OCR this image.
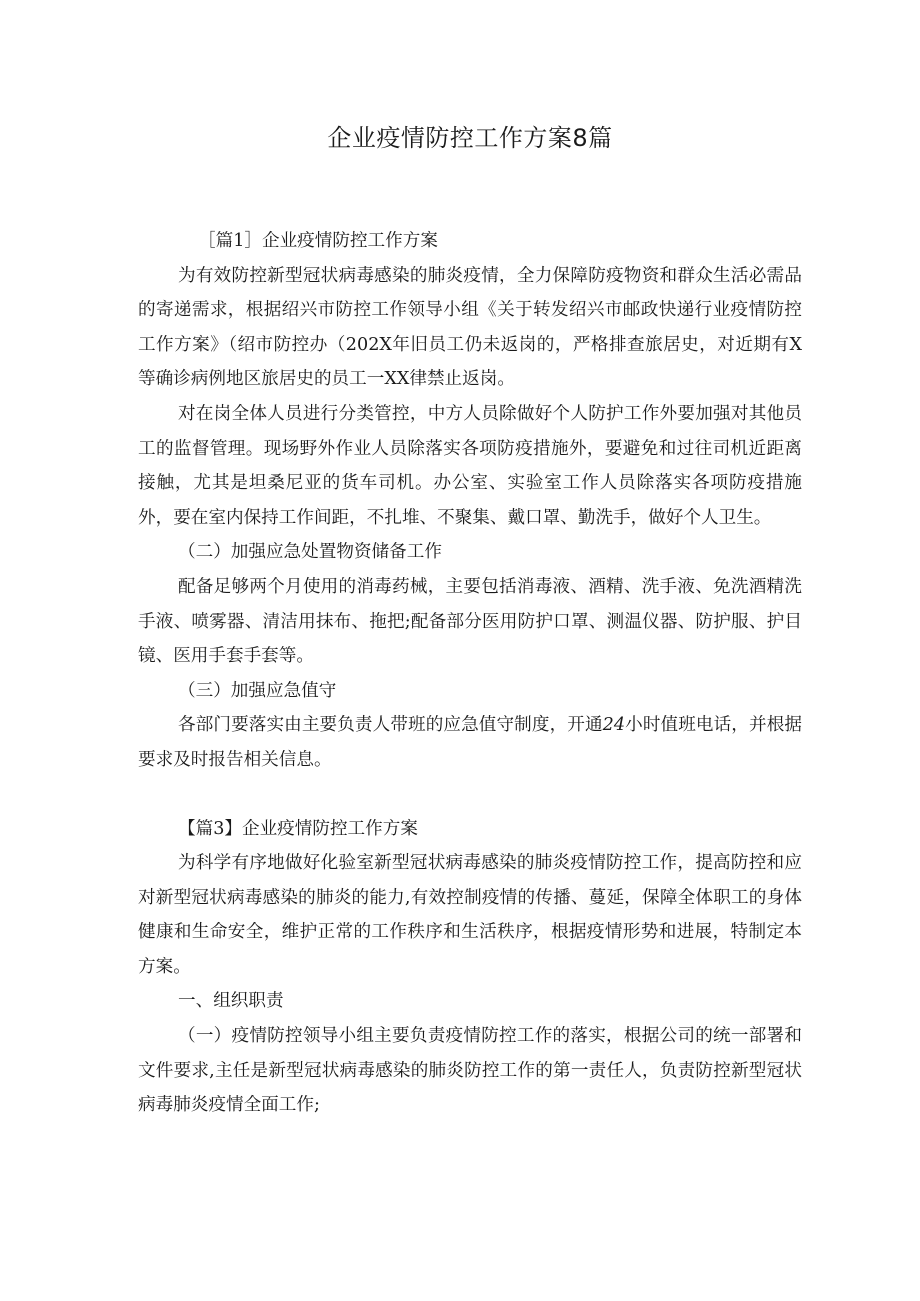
企业疫情防控工作方案8篇

［篇1］企业疫情防控工作方案

为有效防控新型冠状病毒感染的肺炎疫情，全力保障防疫物资和群众生活必需品的寄递需求，根据绍兴市防控工作领导小组《关于转发绍兴市邮政快递行业疫情防控工作方案》（绍市防控办（202X年旧员工仍未返岗的，严格排查旅居史，对近期有X等确诊病例地区旅居史的员工一XX律禁止返岗。

对在岗全体人员进行分类管控，中方人员除做好个人防护工作外要加强对其他员工的监督管理。现场野外作业人员除落实各项防疫措施外，要避免和过往司机近距离接触，尤其是坦桑尼亚的货车司机。办公室、实验室工作人员除落实各项防疫措施外，要在室内保持工作间距，不扎堆、不聚集、戴口罩、勤洗手，做好个人卫生。

（二）加强应急处置物资储备工作

配备足够两个月使用的消毒药械，主要包括消毒液、酒精、洗手液、免洗酒精洗手液、喷雾器、清洁用抹布、拖把;配备部分医用防护口罩、测温仪器、防护服、护目镜、医用手套手套等。

（三）加强应急值守

各部门要落实由主要负责人带班的应急值守制度，开通24小时值班电话，并根据要求及时报告相关信息。

【篇3】企业疫情防控工作方案

为科学有序地做好化验室新型冠状病毒感染的肺炎疫情防控工作，提高防控和应对新型冠状病毒感染的肺炎的能力,有效控制疫情的传播、蔓延，保障全体职工的身体健康和生命安全，维护正常的工作秩序和生活秩序，根据疫情形势和进展，特制定本方案。

一、组织职责

（一）疫情防控领导小组主要负责疫情防控工作的落实，根据公司的统一部署和文件要求,主任是新型冠状病毒感染的肺炎防控工作的第一责任人，负责防控新型冠状病毒肺炎疫情全面工作;
